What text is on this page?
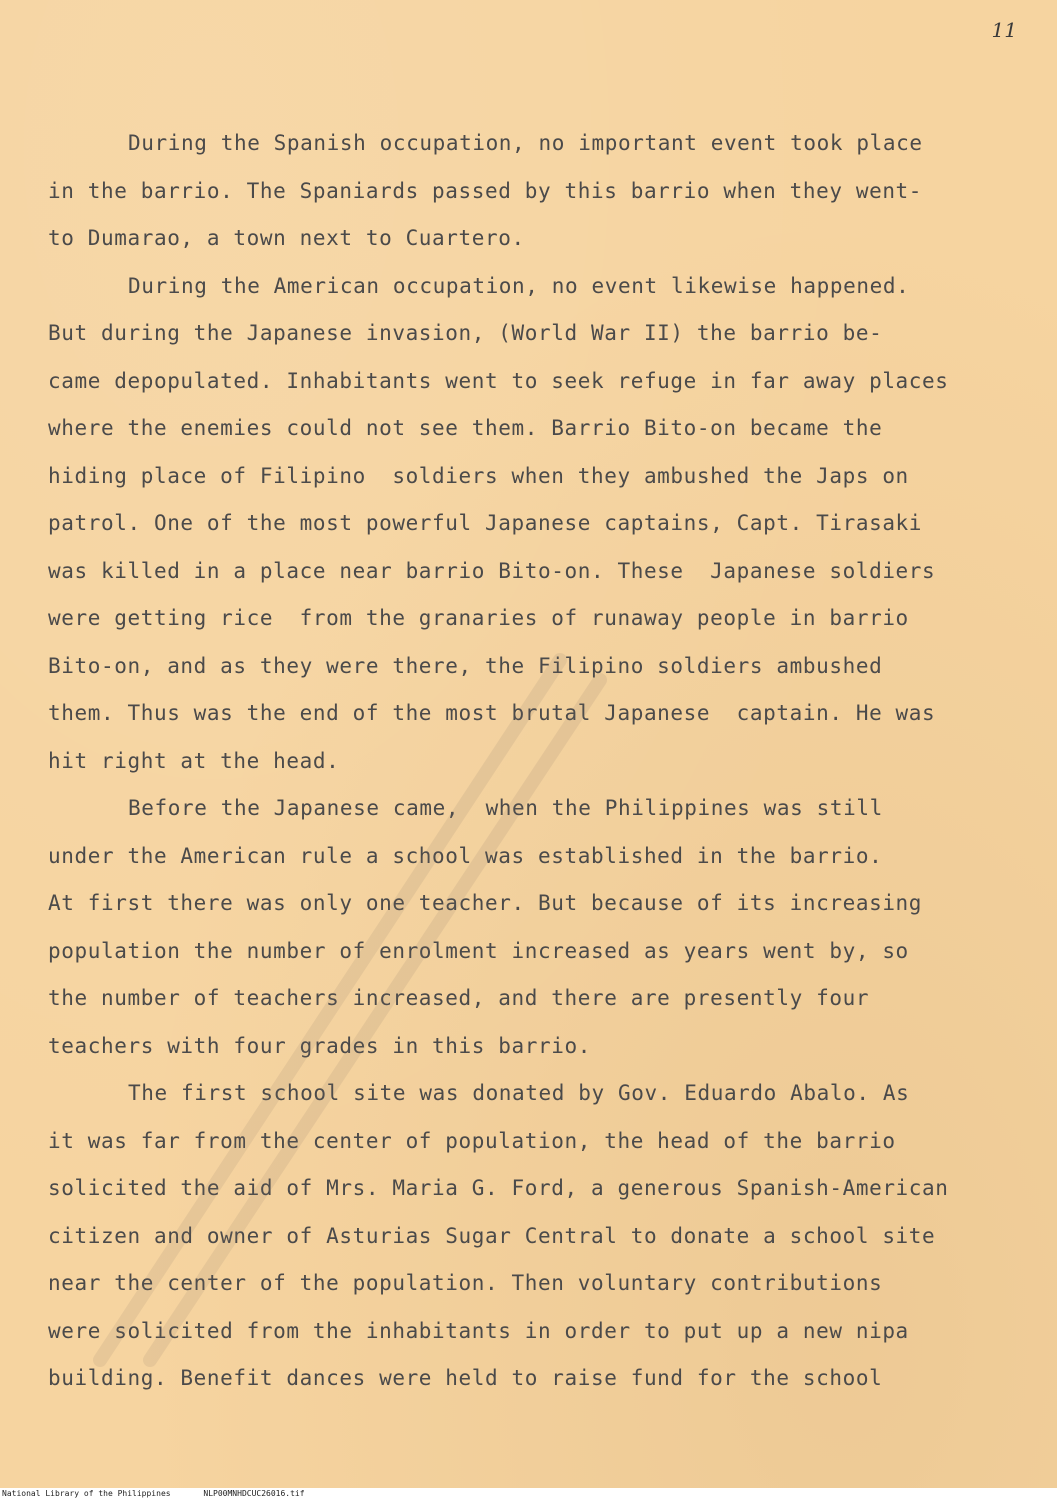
11
During the Spanish occupation, no important event took place
in the barrio. The Spaniards passed by this barrio when they went-
to Dumarao, a town next to Cuartero.
During the American occupation, no event likewise happened.
But during the Japanese invasion, (World War II) the barrio be-
came depopulated. Inhabitants went to seek refuge in far away places
where the enemies could not see them. Barrio Bito-on became the
hiding place of Filipino  soldiers when they ambushed the Japs on
patrol. One of the most powerful Japanese captains, Capt. Tirasaki
was killed in a place near barrio Bito-on. These  Japanese soldiers
were getting rice  from the granaries of runaway people in barrio
Bito-on, and as they were there, the Filipino soldiers ambushed
them. Thus was the end of the most brutal Japanese  captain. He was
hit right at the head.
Before the Japanese came,  when the Philippines was still
under the American rule a school was established in the barrio.
At first there was only one teacher. But because of its increasing
population the number of enrolment increased as years went by, so
the number of teachers increased, and there are presently four
teachers with four grades in this barrio.
The first school site was donated by Gov. Eduardo Abalo. As
it was far from the center of population, the head of the barrio
solicited the aid of Mrs. Maria G. Ford, a generous Spanish-American
citizen and owner of Asturias Sugar Central to donate a school site
near the center of the population. Then voluntary contributions
were solicited from the inhabitants in order to put up a new nipa
building. Benefit dances were held to raise fund for the school
National Library of the Philippines	NLP00MNHDCUC26016.tif
